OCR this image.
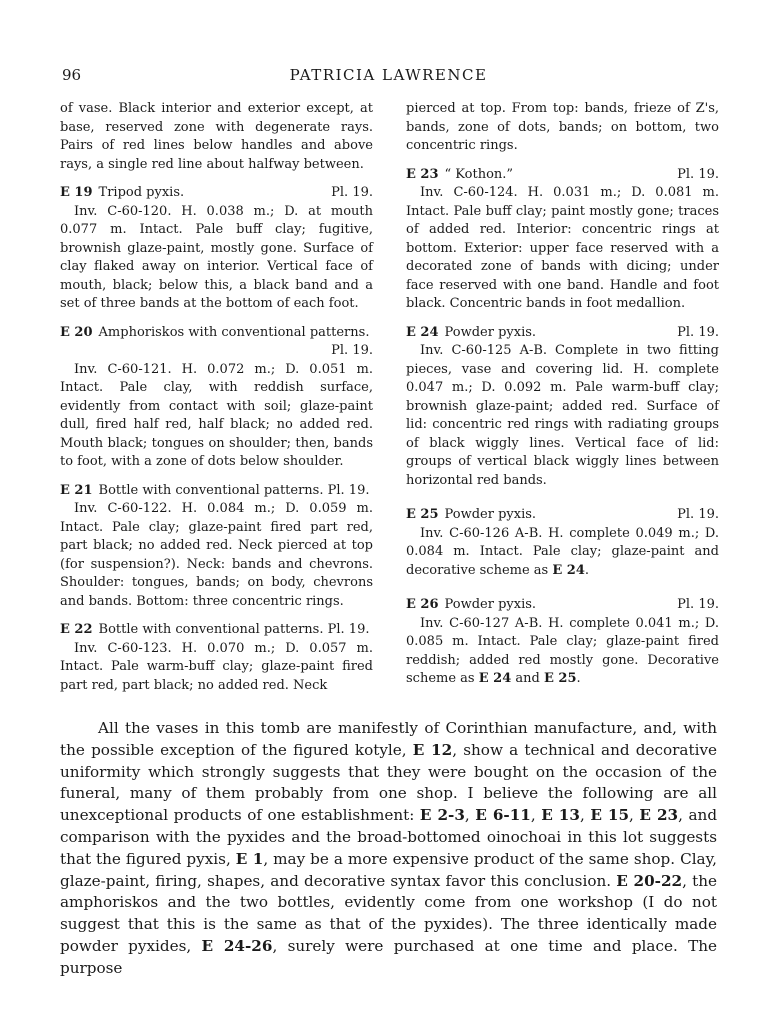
96	PATRICIA LAWRENCE

of vase. Black interior and exterior except, at base, reserved zone with degenerate rays. Pairs of red lines below handles and above rays, a single red line about halfway between.

E 19 Tripod pyxis.	Pl. 19.

Inv. C-60-120. H. 0.038 m.; D. at mouth 0.077 m. Intact. Pale buff clay; fugitive, brownish glaze-paint, mostly gone. Surface of clay flaked away on interior. Vertical face of mouth, black; below this, a black band and a set of three bands at the bottom of each foot.

E 20 Amphoriskos with conventional patterns.
Pl. 19.

Inv. C-60-121. H. 0.072 m.; D. 0.051 m. Intact. Pale clay, with reddish surface, evidently from contact with soil; glaze-paint dull, fired half red, half black; no added red. Mouth black; tongues on shoulder; then, bands to foot, with a zone of dots below shoulder.

E 21 Bottle with conventional patterns. Pl. 19.

Inv. C-60-122. H. 0.084 m.; D. 0.059 m. Intact. Pale clay; glaze-paint fired part red, part black; no added red. Neck pierced at top (for suspension?). Neck: bands and chevrons. Shoulder: tongues, bands; on body, chevrons and bands. Bottom: three concentric rings.

E 22 Bottle with conventional patterns. Pl. 19.

Inv. C-60-123. H. 0.070 m.; D. 0.057 m. Intact. Pale warm-buff clay; glaze-paint fired part red, part black; no added red. Neck

pierced at top. From top: bands, frieze of Z's, bands, zone of dots, bands; on bottom, two concentric rings.

E 23 “ Kothon.”	Pl. 19.

Inv. C-60-124. H. 0.031 m.; D. 0.081 m. Intact. Pale buff clay; paint mostly gone; traces of added red. Interior: concentric rings at bottom. Exterior: upper face reserved with a decorated zone of bands with dicing; under face reserved with one band. Handle and foot black. Concentric bands in foot medallion.

E 24 Powder pyxis.	Pl. 19.

Inv. C-60-125 A-B. Complete in two fitting pieces, vase and covering lid. H. complete 0.047 m.; D. 0.092 m. Pale warm-buff clay; brownish glaze-paint; added red. Surface of lid: concentric red rings with radiating groups of black wiggly lines. Vertical face of lid: groups of vertical black wiggly lines between horizontal red bands.

E 25 Powder pyxis.	Pl. 19.

Inv. C-60-126 A-B. H. complete 0.049 m.; D. 0.084 m. Intact. Pale clay; glaze-paint and decorative scheme as E 24.

E 26 Powder pyxis.	Pl. 19.

Inv. C-60-127 A-B. H. complete 0.041 m.; D. 0.085 m. Intact. Pale clay; glaze-paint fired reddish; added red mostly gone. Decorative scheme as E 24 and E 25.

All the vases in this tomb are manifestly of Corinthian manufacture, and, with the possible exception of the figured kotyle, E 12, show a technical and decorative uniformity which strongly suggests that they were bought on the occasion of the funeral, many of them probably from one shop. I believe the following are all unexceptional products of one establishment: E 2-3, E 6-11, E 13, E 15, E 23, and comparison with the pyxides and the broad-bottomed oinochoai in this lot suggests that the figured pyxis, E 1, may be a more expensive product of the same shop. Clay, glaze-paint, firing, shapes, and decorative syntax favor this conclusion. E 20-22, the amphoriskos and the two bottles, evidently come from one workshop (I do not suggest that this is the same as that of the pyxides). The three identically made powder pyxides, E 24-26, surely were purchased at one time and place. The purpose
